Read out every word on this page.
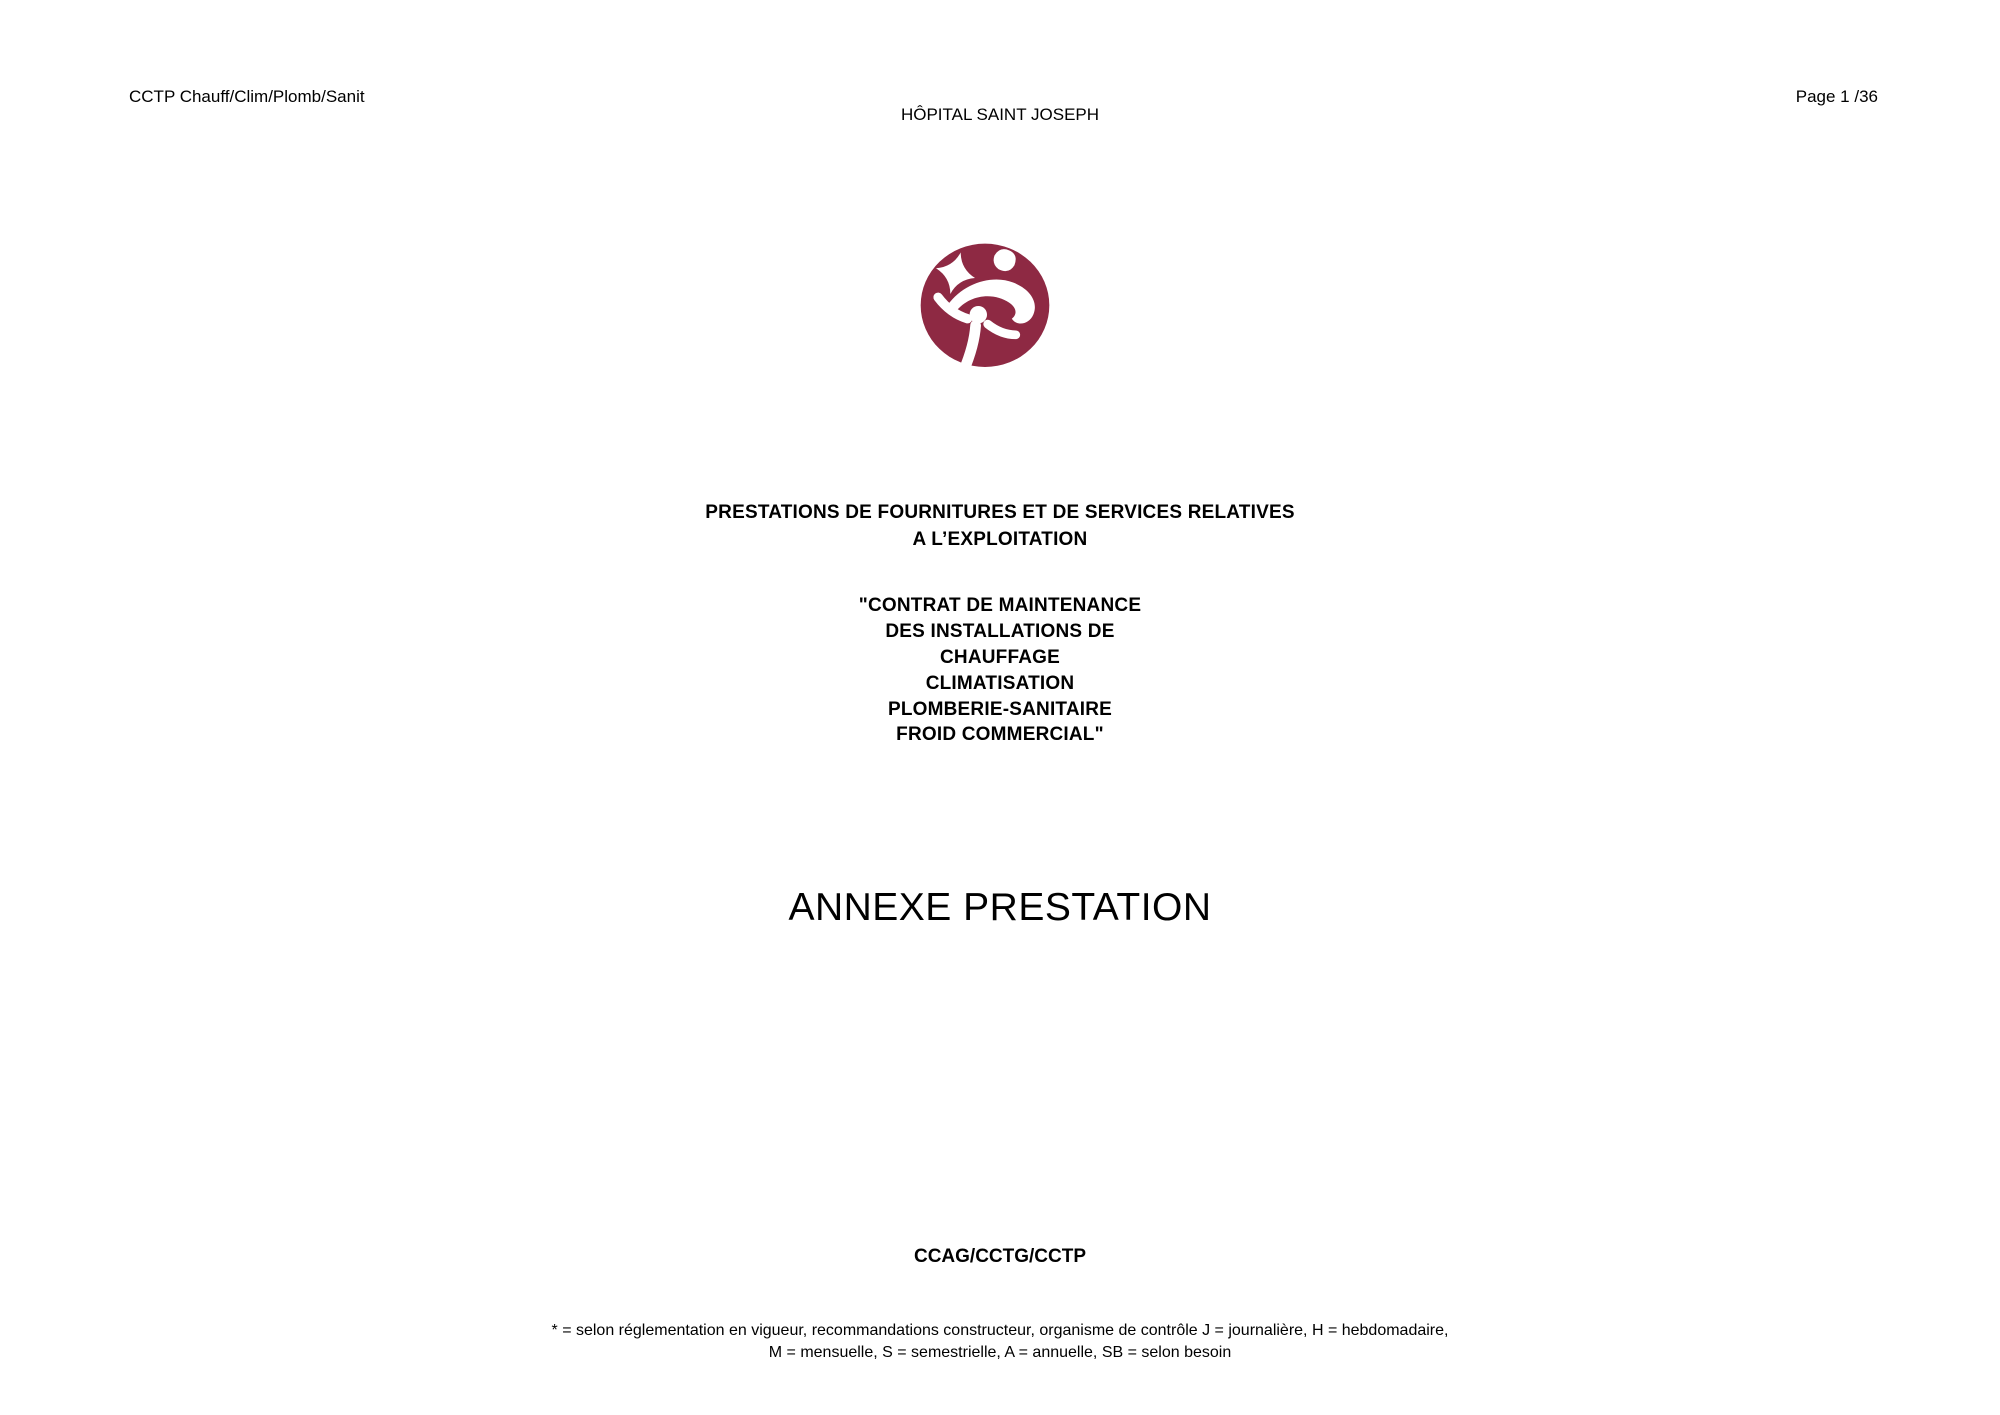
CCTP Chauff/Clim/Plomb/Sanit	Page 1 /36
HÔPITAL SAINT JOSEPH
PRESTATIONS DE FOURNITURES ET DE SERVICES RELATIVES
A L’EXPLOITATION
"CONTRAT DE MAINTENANCE
DES INSTALLATIONS DE
CHAUFFAGE
CLIMATISATION
PLOMBERIE-SANITAIRE
FROID COMMERCIAL"
ANNEXE PRESTATION
CCAG/CCTG/CCTP
* = selon réglementation en vigueur, recommandations constructeur, organisme de contrôle J = journalière, H = hebdomadaire,
M = mensuelle, S = semestrielle, A = annuelle, SB = selon besoin
